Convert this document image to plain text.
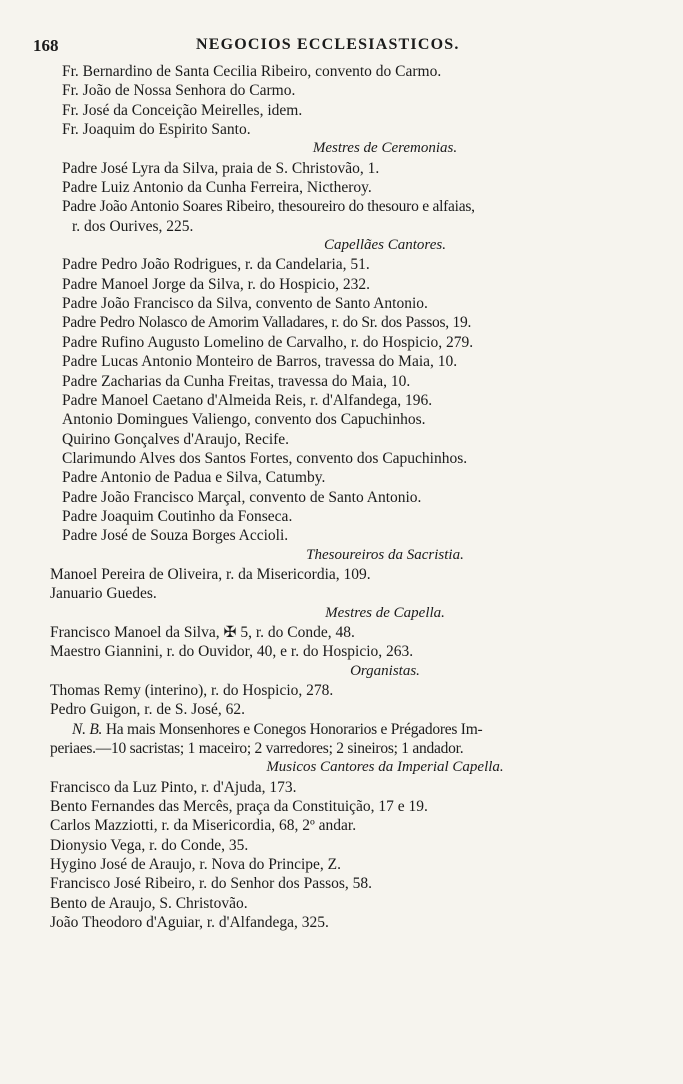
168	NEGOCIOS ECCLESIASTICOS.
Fr. Bernardino de Santa Cecilia Ribeiro, convento do Carmo.
Fr. João de Nossa Senhora do Carmo.
Fr. José da Conceição Meirelles, idem.
Fr. Joaquim do Espirito Santo.
Mestres de Ceremonias.
Padre José Lyra da Silva, praia de S. Christovão, 1.
Padre Luiz Antonio da Cunha Ferreira, Nictheroy.
Padre João Antonio Soares Ribeiro, thesoureiro do thesouro e alfaias,
r. dos Ourives, 225.
Capellães Cantores.
Padre Pedro João Rodrigues, r. da Candelaria, 51.
Padre Manoel Jorge da Silva, r. do Hospicio, 232.
Padre João Francisco da Silva, convento de Santo Antonio.
Padre Pedro Nolasco de Amorim Valladares, r. do Sr. dos Passos, 19.
Padre Rufino Augusto Lomelino de Carvalho, r. do Hospicio, 279.
Padre Lucas Antonio Monteiro de Barros, travessa do Maia, 10.
Padre Zacharias da Cunha Freitas, travessa do Maia, 10.
Padre Manoel Caetano d'Almeida Reis, r. d'Alfandega, 196.
Antonio Domingues Valiengo, convento dos Capuchinhos.
Quirino Gonçalves d'Araujo, Recife.
Clarimundo Alves dos Santos Fortes, convento dos Capuchinhos.
Padre Antonio de Padua e Silva, Catumby.
Padre João Francisco Marçal, convento de Santo Antonio.
Padre Joaquim Coutinho da Fonseca.
Padre José de Souza Borges Accioli.
Thesoureiros da Sacristia.
Manoel Pereira de Oliveira, r. da Misericordia, 109.
Januario Guedes.
Mestres de Capella.
Francisco Manoel da Silva, ✠ 5, r. do Conde, 48.
Maestro Giannini, r. do Ouvidor, 40, e r. do Hospicio, 263.
Organistas.
Thomas Remy (interino), r. do Hospicio, 278.
Pedro Guigon, r. de S. José, 62.
N. B. Ha mais Monsenhores e Conegos Honorarios e Prégadores Im-
periaes.—10 sacristas; 1 maceiro; 2 varredores; 2 sineiros; 1 andador.
Musicos Cantores da Imperial Capella.
Francisco da Luz Pinto, r. d'Ajuda, 173.
Bento Fernandes das Mercês, praça da Constituição, 17 e 19.
Carlos Mazziotti, r. da Misericordia, 68, 2º andar.
Dionysio Vega, r. do Conde, 35.
Hygino José de Araujo, r. Nova do Principe, Z.
Francisco José Ribeiro, r. do Senhor dos Passos, 58.
Bento de Araujo, S. Christovão.
João Theodoro d'Aguiar, r. d'Alfandega, 325.
